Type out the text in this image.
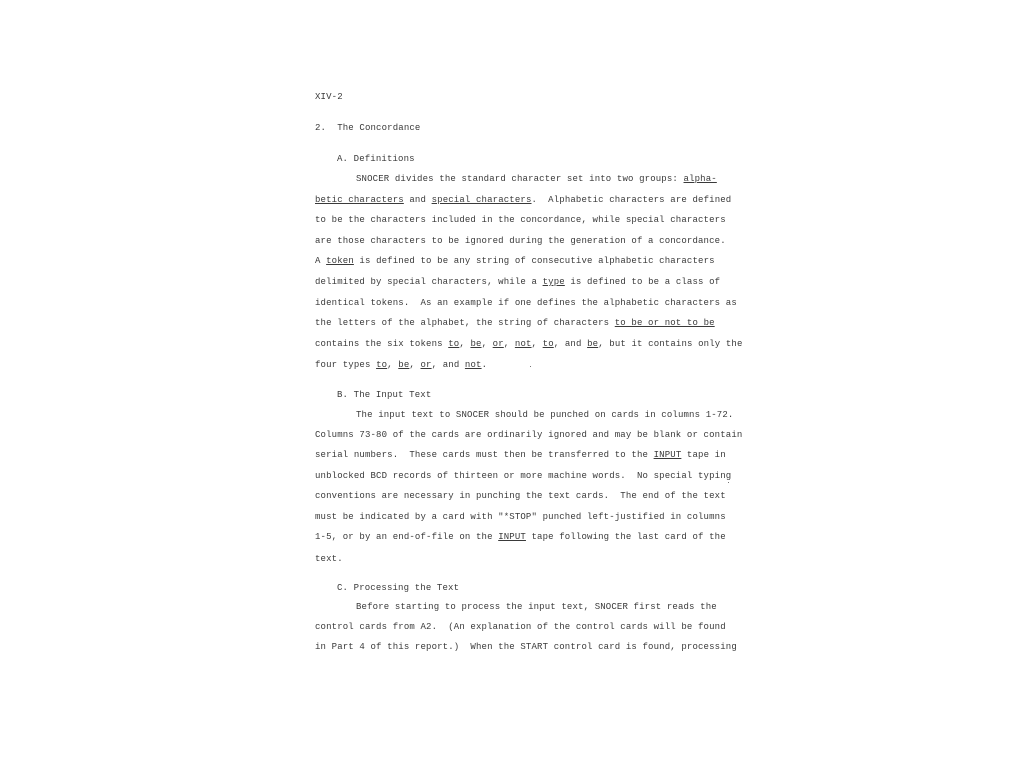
XIV-2
2.  The Concordance
A. Definitions
SNOCER divides the standard character set into two groups: alpha-
betic characters and special characters.  Alphabetic characters are defined
to be the characters included in the concordance, while special characters
are those characters to be ignored during the generation of a concordance.
A token is defined to be any string of consecutive alphabetic characters
delimited by special characters, while a type is defined to be a class of
identical tokens.  As an example if one defines the alphabetic characters as
the letters of the alphabet, the string of characters to be or not to be
contains the six tokens to, be, or, not, to, and be, but it contains only the
four types to, be, or, and not.
B. The Input Text
The input text to SNOCER should be punched on cards in columns 1-72.
Columns 73-80 of the cards are ordinarily ignored and may be blank or contain
serial numbers.  These cards must then be transferred to the INPUT tape in
unblocked BCD records of thirteen or more machine words.  No special typing
conventions are necessary in punching the text cards.  The end of the text
must be indicated by a card with "*STOP" punched left-justified in columns
1-5, or by an end-of-file on the INPUT tape following the last card of the
text.
C. Processing the Text
Before starting to process the input text, SNOCER first reads the
control cards from A2.  (An explanation of the control cards will be found
in Part 4 of this report.)  When the START control card is found, processing
